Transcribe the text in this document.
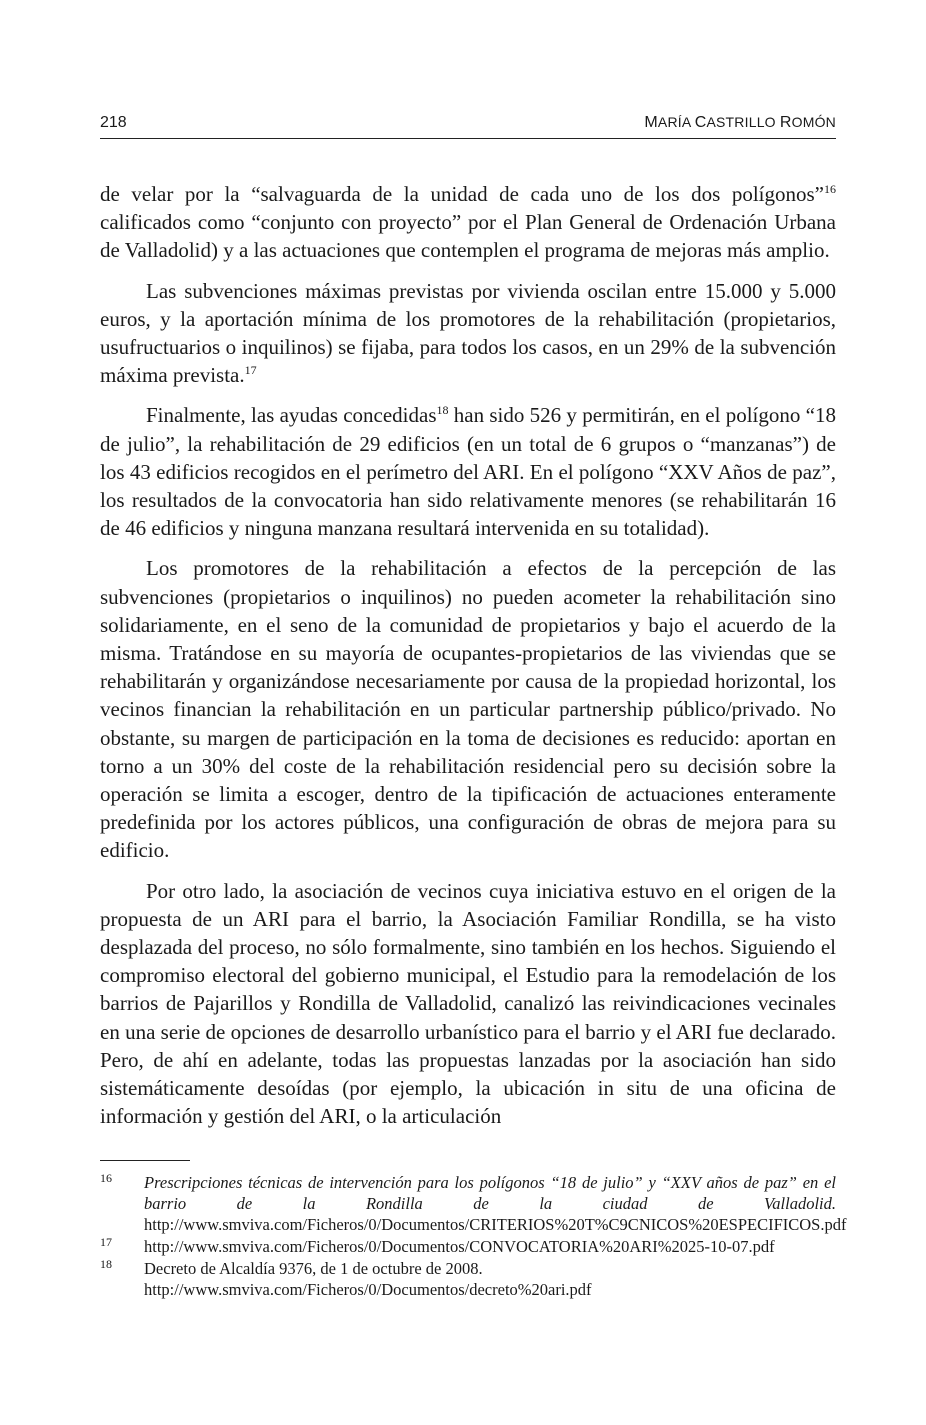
218	MARÍA CASTRILLO ROMÓN

de velar por la “salvaguarda de la unidad de cada uno de los dos polígonos”$^{16}$ calificados como “conjunto con proyecto” por el Plan General de Ordenación Urbana de Valladolid) y a las actuaciones que contemplen el programa de mejoras más amplio.

Las subvenciones máximas previstas por vivienda oscilan entre 15.000 y 5.000 euros, y la aportación mínima de los promotores de la rehabilitación (propietarios, usufructuarios o inquilinos) se fijaba, para todos los casos, en un 29% de la subvención máxima prevista.$^{17}$

Finalmente, las ayudas concedidas$^{18}$ han sido 526 y permitirán, en el polígono “18 de julio”, la rehabilitación de 29 edificios (en un total de 6 grupos o “manzanas”) de los 43 edificios recogidos en el perímetro del ARI. En el polígono “XXV Años de paz”, los resultados de la convocatoria han sido relativamente menores (se rehabilitarán 16 de 46 edificios y ninguna manzana resultará intervenida en su totalidad).

Los promotores de la rehabilitación a efectos de la percepción de las subvenciones (propietarios o inquilinos) no pueden acometer la rehabilitación sino solidariamente, en el seno de la comunidad de propietarios y bajo el acuerdo de la misma. Tratándose en su mayoría de ocupantes-propietarios de las viviendas que se rehabilitarán y organizándose necesariamente por causa de la propiedad horizontal, los vecinos financian la rehabilitación en un particular partnership público/privado. No obstante, su margen de participación en la toma de decisiones es reducido: aportan en torno a un 30% del coste de la rehabilitación residencial pero su decisión sobre la operación se limita a escoger, dentro de la tipificación de actuaciones enteramente predefinida por los actores públicos, una configuración de obras de mejora para su edificio.

Por otro lado, la asociación de vecinos cuya iniciativa estuvo en el origen de la propuesta de un ARI para el barrio, la Asociación Familiar Rondilla, se ha visto desplazada del proceso, no sólo formalmente, sino también en los hechos. Siguiendo el compromiso electoral del gobierno municipal, el Estudio para la remodelación de los barrios de Pajarillos y Rondilla de Valladolid, canalizó las reivindicaciones vecinales en una serie de opciones de desarrollo urbanístico para el barrio y el ARI fue declarado. Pero, de ahí en adelante, todas las propuestas lanzadas por la asociación han sido sistemáticamente desoídas (por ejemplo, la ubicación in situ de una oficina de información y gestión del ARI, o la articulación

16 Prescripciones técnicas de intervención para los polígonos “18 de julio” y “XXV años de paz” en el barrio de la Rondilla de la ciudad de Valladolid. http://www.smviva.com/Ficheros/0/Documentos/CRITERIOS%20T%C9CNICOS%20ESPECIFICOS.pdf
17 http://www.smviva.com/Ficheros/0/Documentos/CONVOCATORIA%20ARI%2025-10-07.pdf
18 Decreto de Alcaldía 9376, de 1 de octubre de 2008.
http://www.smviva.com/Ficheros/0/Documentos/decreto%20ari.pdf
